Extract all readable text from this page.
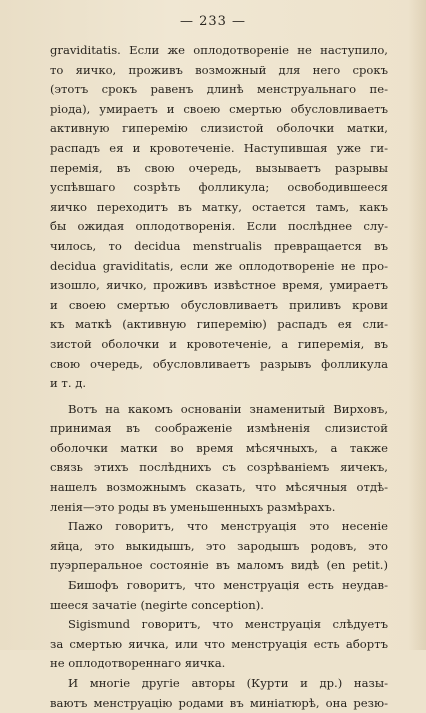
— 233 —
graviditatis. Если же оплодотвореніе не наступило,
то яичко, проживъ возможный для него срокъ
(этотъ срокъ равенъ длинѣ менструальнаго пе-
ріода), умираетъ и своею смертью обусловливаетъ
активную гиперемію слизистой оболочки матки,
распадъ ея и кровотеченіе. Наступившая ужe ги-
перемія, въ свою очередь, вызываетъ разрывы
успѣвшаго созрѣть фолликула; освободившееся
яичко переходитъ въ матку, остается тамъ, какъ
бы ожидая оплодотворенія. Если послѣднее слу-
чилось, то decidua menstrualis превращается въ
decidua graviditatis, если же оплодотвореніе не про-
изошло, яичко, проживъ извѣстное время, умираетъ
и своею смертью обусловливаетъ приливъ крови
къ маткѣ (активную гиперемію) распадъ ея сли-
зистой оболочки и кровотеченіе, а гиперемія, въ
свою очередь, обусловливаетъ разрывъ фолликула
и т. д.
Вотъ на какомъ основаніи знаменитый Вирховъ,
принимая въ соображеніе измѣненія слизистой
оболочки матки во время мѣсячныхъ, а также
связь этихъ послѣднихъ съ созрѣваніемъ яичекъ,
нашелъ возможнымъ сказать, что мѣсячныя отдѣ-
ленія—это роды въ уменьшенныхъ размѣрахъ.
Пажо говоритъ, что менструація это несеніе
яйца, это выкидышъ, это зародышъ родовъ, это
пуэрперальное состояніе въ маломъ видѣ (en petit.)
Бишофъ говоритъ, что менструація есть неудав-
шееся зачатіе (negirte conception).
Sigismund говоритъ, что менструація слѣдуетъ
за смертью яичка, или что менструація есть абортъ
не оплодотвореннаго яичка.
И многіе другіе авторы (Курти и др.) назы-
ваютъ менструацію родами въ миніатюрѣ, она резю-
